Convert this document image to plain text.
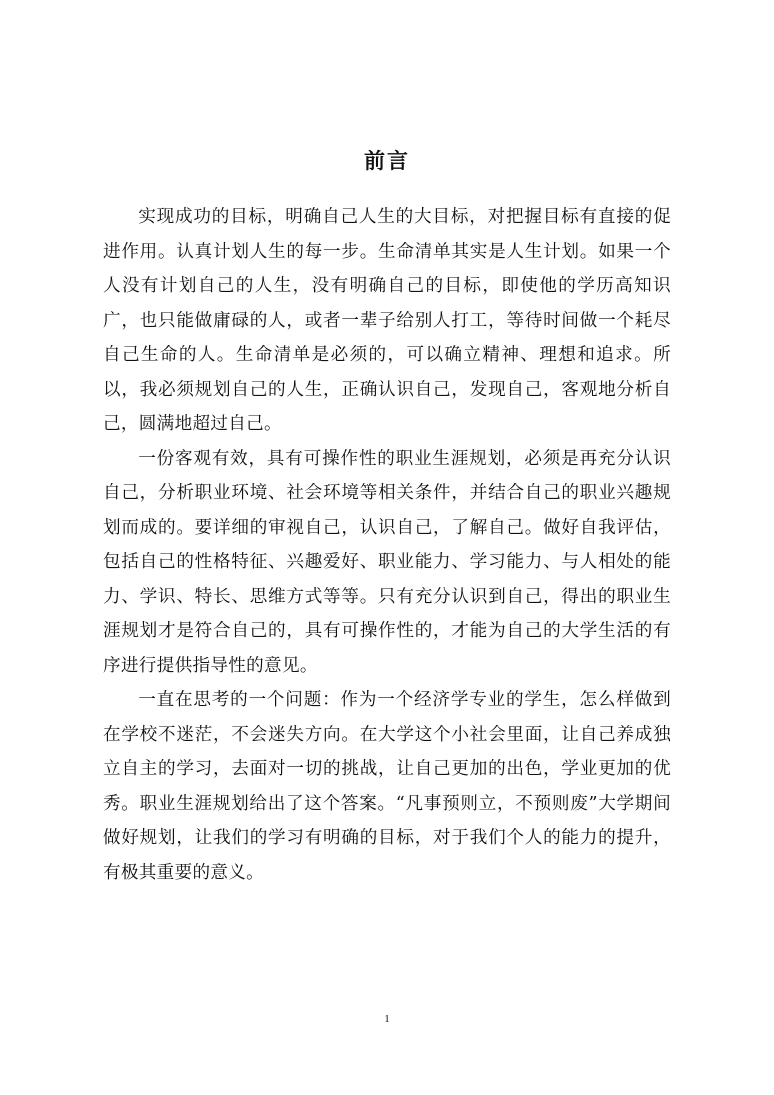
前言

实现成功的目标，明确自己人生的大目标，对把握目标有直接的促进作用。认真计划人生的每一步。生命清单其实是人生计划。如果一个人没有计划自己的人生，没有明确自己的目标，即使他的学历高知识广，也只能做庸碌的人，或者一辈子给别人打工，等待时间做一个耗尽自己生命的人。生命清单是必须的，可以确立精神、理想和追求。所以，我必须规划自己的人生，正确认识自己，发现自己，客观地分析自己，圆满地超过自己。

一份客观有效，具有可操作性的职业生涯规划，必须是再充分认识自己，分析职业环境、社会环境等相关条件，并结合自己的职业兴趣规划而成的。要详细的审视自己，认识自己，了解自己。做好自我评估，包括自己的性格特征、兴趣爱好、职业能力、学习能力、与人相处的能力、学识、特长、思维方式等等。只有充分认识到自己，得出的职业生涯规划才是符合自己的，具有可操作性的，才能为自己的大学生活的有序进行提供指导性的意见。

一直在思考的一个问题：作为一个经济学专业的学生，怎么样做到在学校不迷茫，不会迷失方向。在大学这个小社会里面，让自己养成独立自主的学习，去面对一切的挑战，让自己更加的出色，学业更加的优秀。职业生涯规划给出了这个答案。“凡事预则立，不预则废”大学期间做好规划，让我们的学习有明确的目标，对于我们个人的能力的提升，有极其重要的意义。

1
